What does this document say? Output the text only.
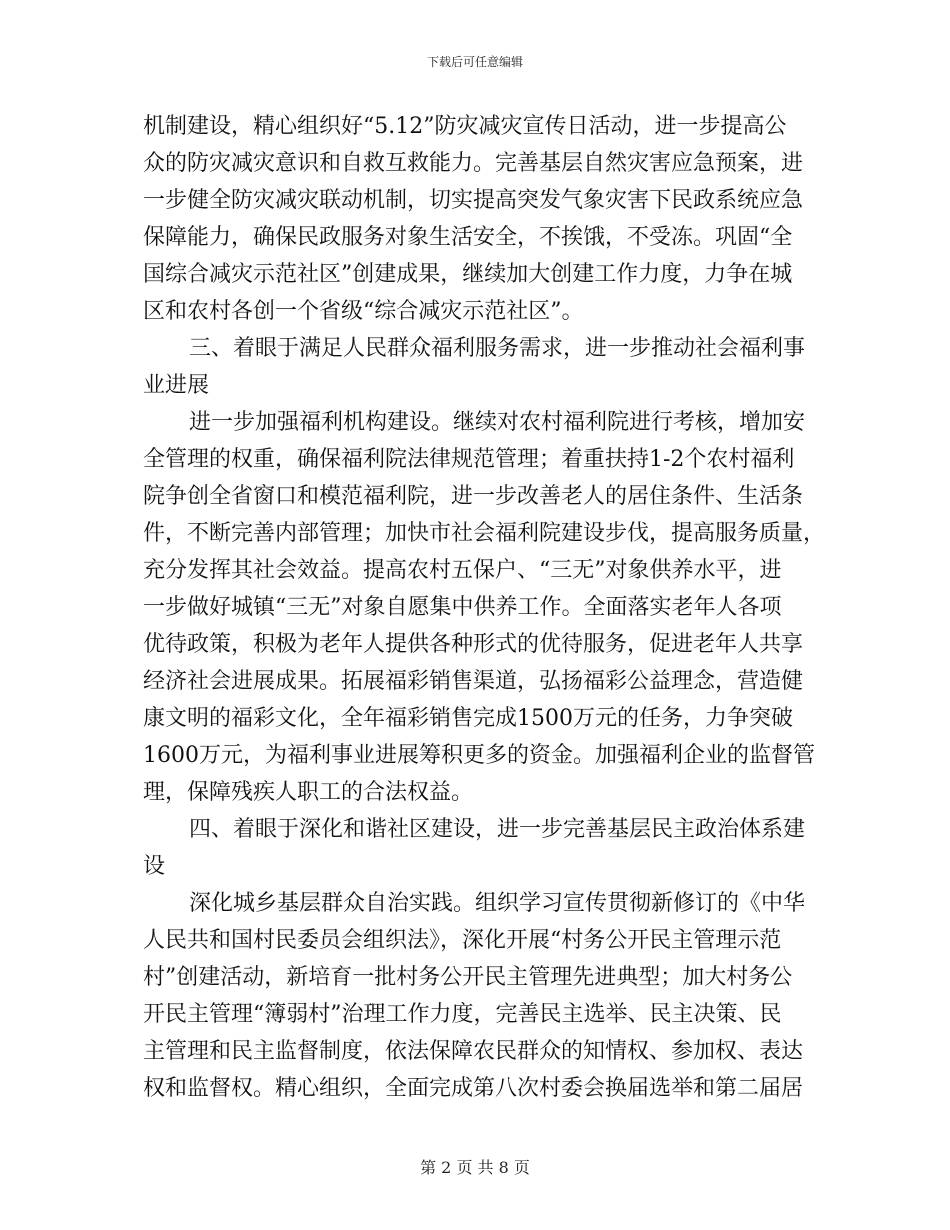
下载后可任意编辑
机制建设，精心组织好“5.12”防灾减灾宣传日活动，进一步提高公
众的防灾减灾意识和自救互救能力。完善基层自然灾害应急预案，进
一步健全防灾减灾联动机制，切实提高突发气象灾害下民政系统应急
保障能力，确保民政服务对象生活安全，不挨饿，不受冻。巩固“全
国综合减灾示范社区”创建成果，继续加大创建工作力度，力争在城
区和农村各创一个省级“综合减灾示范社区”。
三、着眼于满足人民群众福利服务需求，进一步推动社会福利事
业进展
进一步加强福利机构建设。继续对农村福利院进行考核，增加安
全管理的权重，确保福利院法律规范管理；着重扶持1-2个农村福利
院争创全省窗口和模范福利院，进一步改善老人的居住条件、生活条
件，不断完善内部管理；加快市社会福利院建设步伐，提高服务质量，
充分发挥其社会效益。提高农村五保户、“三无”对象供养水平，进
一步做好城镇“三无”对象自愿集中供养工作。全面落实老年人各项
优待政策，积极为老年人提供各种形式的优待服务，促进老年人共享
经济社会进展成果。拓展福彩销售渠道，弘扬福彩公益理念，营造健
康文明的福彩文化，全年福彩销售完成1500万元的任务，力争突破
1600万元，为福利事业进展筹积更多的资金。加强福利企业的监督管
理，保障残疾人职工的合法权益。
四、着眼于深化和谐社区建设，进一步完善基层民主政治体系建
设
深化城乡基层群众自治实践。组织学习宣传贯彻新修订的《中华
人民共和国村民委员会组织法》，深化开展“村务公开民主管理示范
村”创建活动，新培育一批村务公开民主管理先进典型；加大村务公
开民主管理“簿弱村”治理工作力度，完善民主选举、民主决策、民
主管理和民主监督制度，依法保障农民群众的知情权、参加权、表达
权和监督权。精心组织，全面完成第八次村委会换届选举和第二届居
第 2 页 共 8 页
